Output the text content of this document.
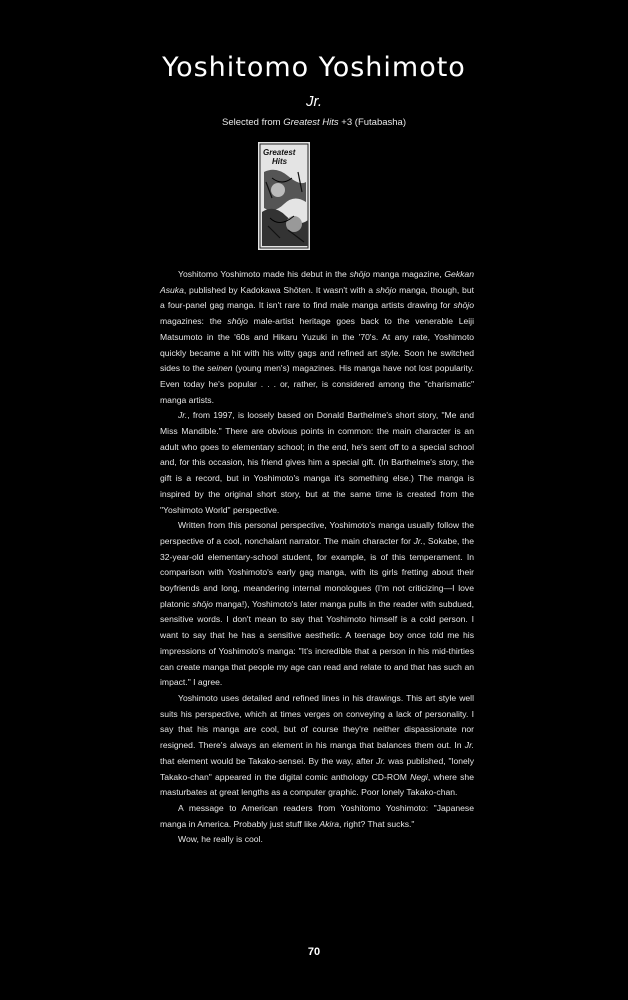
Yoshitomo Yoshimoto
Jr.
Selected from Greatest Hits +3 (Futabasha)
Greatest
Hits

Yoshitomo Yoshimoto made his debut in the shōjo manga magazine, Gekkan Asuka, published by Kadokawa Shōten. It wasn't with a shōjo manga, though, but a four-panel gag manga. It isn't rare to find male manga artists drawing for shōjo magazines: the shōjo male-artist heritage goes back to the venerable Leiji Matsumoto in the '60s and Hikaru Yuzuki in the '70's. At any rate, Yoshimoto quickly became a hit with his witty gags and refined art style. Soon he switched sides to the seinen (young men's) magazines. His manga have not lost popularity. Even today he's popular . . . or, rather, is considered among the "charismatic" manga artists.

Jr., from 1997, is loosely based on Donald Barthelme's short story, "Me and Miss Mandible." There are obvious points in common: the main character is an adult who goes to elementary school; in the end, he's sent off to a special school and, for this occasion, his friend gives him a special gift. (In Barthelme's story, the gift is a record, but in Yoshimoto's manga it's something else.) The manga is inspired by the original short story, but at the same time is created from the "Yoshimoto World" perspective.

Written from this personal perspective, Yoshimoto's manga usually follow the perspective of a cool, nonchalant narrator. The main character for Jr., Sokabe, the 32-year-old elementary-school student, for example, is of this temperament. In comparison with Yoshimoto's early gag manga, with its girls fretting about their boyfriends and long, meandering internal monologues (I'm not criticizing—I love platonic shōjo manga!), Yoshimoto's later manga pulls in the reader with subdued, sensitive words. I don't mean to say that Yoshimoto himself is a cold person. I want to say that he has a sensitive aesthetic. A teenage boy once told me his impressions of Yoshimoto's manga: "It's incredible that a person in his mid-thirties can create manga that people my age can read and relate to and that has such an impact." I agree.

Yoshimoto uses detailed and refined lines in his drawings. This art style well suits his perspective, which at times verges on conveying a lack of personality. I say that his manga are cool, but of course they're neither dispassionate nor resigned. There's always an element in his manga that balances them out. In Jr. that element would be Takako-sensei. By the way, after Jr. was published, "lonely Takako-chan" appeared in the digital comic anthology CD-ROM Negi, where she masturbates at great lengths as a computer graphic. Poor lonely Takako-chan.

A message to American readers from Yoshitomo Yoshimoto: "Japanese manga in America. Probably just stuff like Akira, right? That sucks."

Wow, he really is cool.

70
